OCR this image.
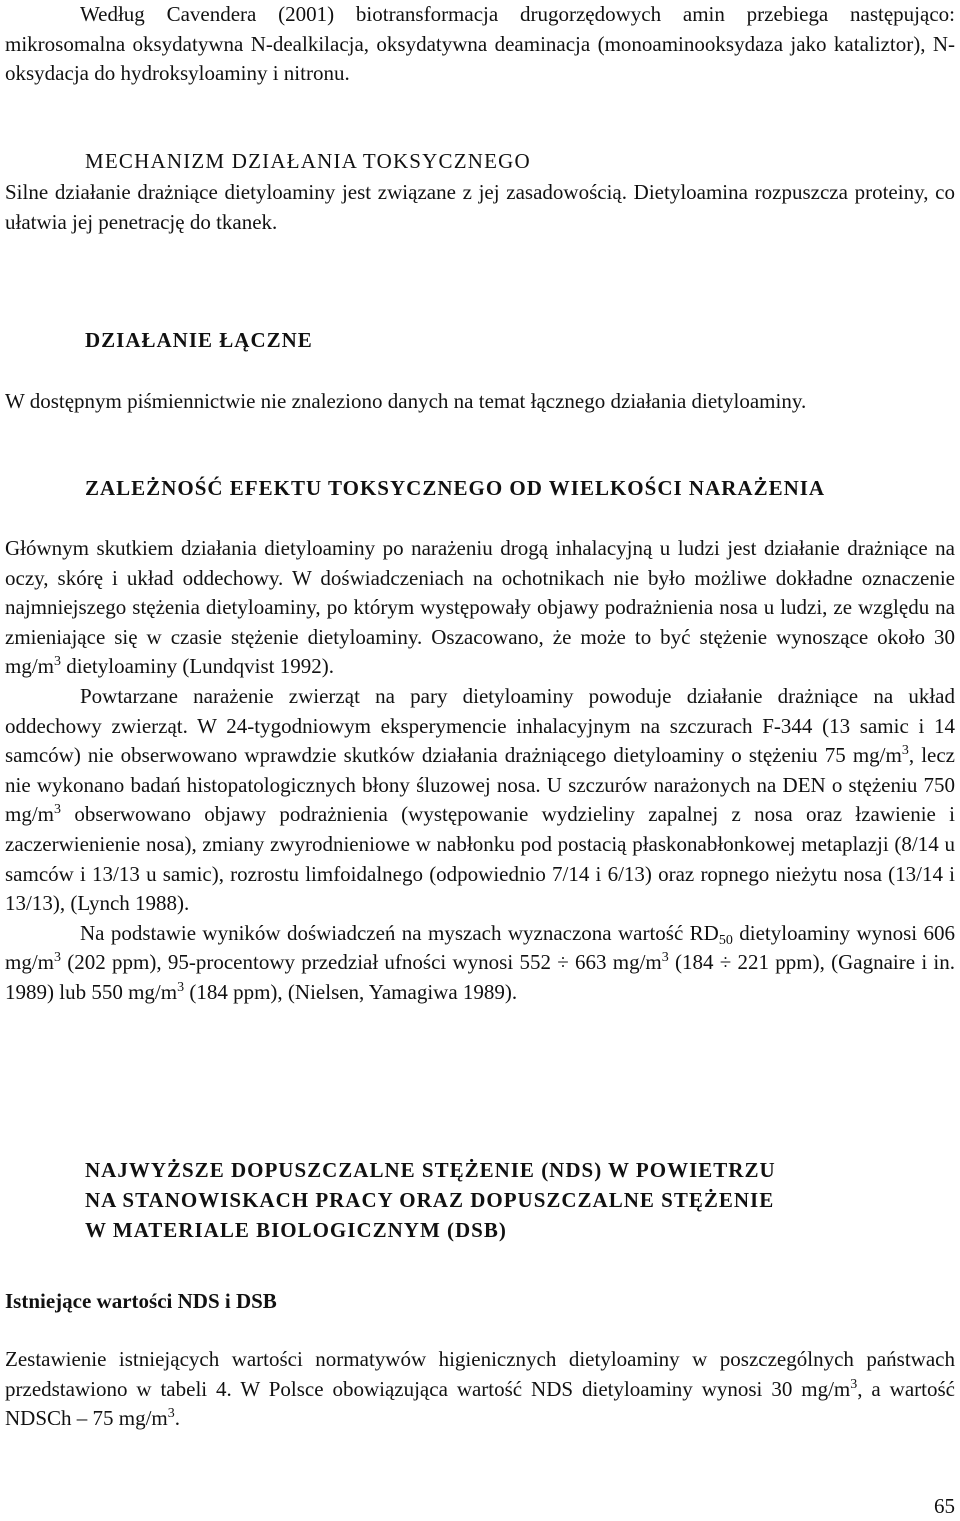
Według Cavendera (2001) biotransformacja drugorzędowych amin przebiega następująco: mikrosomalna oksydatywna N-dealkilacja, oksydatywna deaminacja (monoaminooksydaza jako kataliztor), N-oksydacja do hydroksyloaminy i nitronu.

MECHANIZM DZIAŁANIA TOKSYCZNEGO

Silne działanie drażniące dietyloaminy jest związane z jej zasadowością. Dietyloamina rozpuszcza proteiny, co ułatwia jej penetrację do tkanek.

DZIAŁANIE ŁĄCZNE

W dostępnym piśmiennictwie nie znaleziono danych na temat łącznego działania dietyloaminy.

ZALEŻNOŚĆ EFEKTU TOKSYCZNEGO OD WIELKOŚCI NARAŻENIA

Głównym skutkiem działania dietyloaminy po narażeniu drogą inhalacyjną u ludzi jest działanie drażniące na oczy, skórę i układ oddechowy. W doświadczeniach na ochotnikach nie było możliwe dokładne oznaczenie najmniejszego stężenia dietyloaminy, po którym występowały objawy podrażnienia nosa u ludzi, ze względu na zmieniające się w czasie stężenie dietyloaminy. Oszacowano, że może to być stężenie wynoszące około 30 $mg/m^3$ dietyloaminy (Lundqvist 1992).

Powtarzane narażenie zwierząt na pary dietyloaminy powoduje działanie drażniące na układ oddechowy zwierząt. W 24-tygodniowym eksperymencie inhalacyjnym na szczurach F-344 (13 samic i 14 samców) nie obserwowano wprawdzie skutków działania drażniącego dietyloaminy o stężeniu 75 $mg/m^3$, lecz nie wykonano badań histopatologicznych błony śluzowej nosa. U szczurów narażonych na DEN o stężeniu 750 $mg/m^3$ obserwowano objawy podrażnienia (występowanie wydzieliny zapalnej z nosa oraz łzawienie i zaczerwienienie nosa), zmiany zwyrodnieniowe w nabłonku pod postacią płaskonabłonkowej metaplazji (8/14 u samców i 13/13 u samic), rozrostu limfoidalnego (odpowiednio 7/14 i 6/13) oraz ropnego nieżytu nosa (13/14 i 13/13), (Lynch 1988).

Na podstawie wyników doświadczeń na myszach wyznaczona wartość $RD_{50}$ dietyloaminy wynosi 606 $mg/m^3$ (202 ppm), 95-procentowy przedział ufności wynosi 552 ÷ 663 $mg/m^3$ (184 ÷ 221 ppm), (Gagnaire i in. 1989) lub 550 $mg/m^3$ (184 ppm), (Nielsen, Yamagiwa 1989).

NAJWYŻSZE DOPUSZCZALNE STĘŻENIE (NDS) W POWIETRZU
NA STANOWISKACH PRACY ORAZ DOPUSZCZALNE STĘŻENIE
W MATERIALE BIOLOGICZNYM (DSB)
Istniejące wartości NDS i DSB

Zestawienie istniejących wartości normatywów higienicznych dietyloaminy w poszczególnych państwach przedstawiono w tabeli 4. W Polsce obowiązująca wartość NDS dietyloaminy wynosi 30 $mg/m^3$, a wartość NDSCh – 75 $mg/m^3$.

65
